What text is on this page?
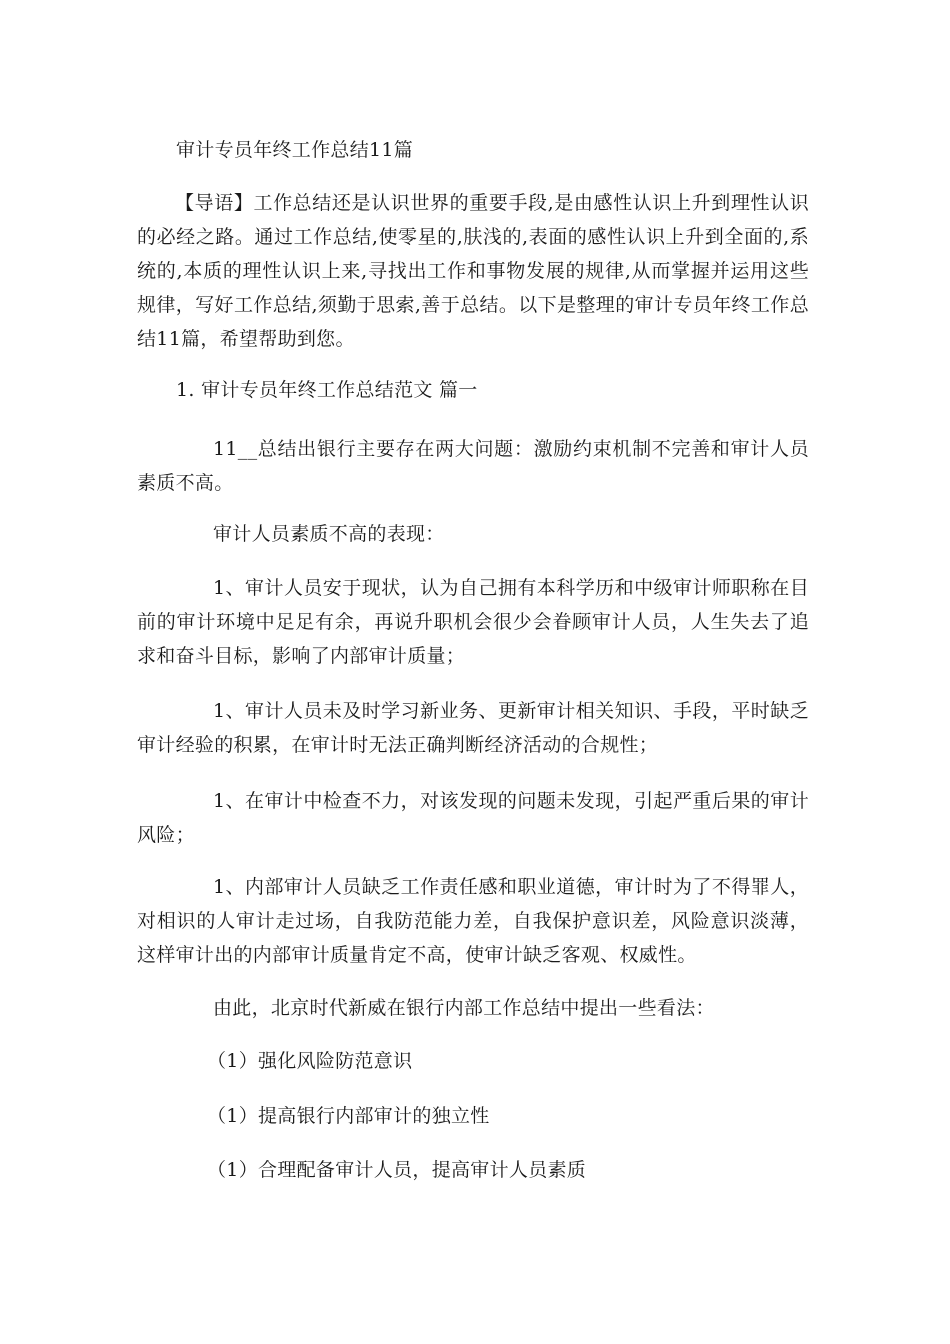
审计专员年终工作总结11篇
【导语】工作总结还是认识世界的重要手段,是由感性认识上升到理性认识的必经之路。通过工作总结,使零星的,肤浅的,表面的感性认识上升到全面的,系统的,本质的理性认识上来,寻找出工作和事物发展的规律,从而掌握并运用这些规律，写好工作总结,须勤于思索,善于总结。以下是整理的审计专员年终工作总结11篇，希望帮助到您。
1. 审计专员年终工作总结范文 篇一
11__总结出银行主要存在两大问题：激励约束机制不完善和审计人员素质不高。
审计人员素质不高的表现：
1、审计人员安于现状，认为自己拥有本科学历和中级审计师职称在目前的审计环境中足足有余，再说升职机会很少会眷顾审计人员，人生失去了追求和奋斗目标，影响了内部审计质量；
1、审计人员未及时学习新业务、更新审计相关知识、手段，平时缺乏审计经验的积累，在审计时无法正确判断经济活动的合规性；
1、在审计中检查不力，对该发现的问题未发现，引起严重后果的审计风险；
1、内部审计人员缺乏工作责任感和职业道德，审计时为了不得罪人，对相识的人审计走过场，自我防范能力差，自我保护意识差，风险意识淡薄，这样审计出的内部审计质量肯定不高，使审计缺乏客观、权威性。
由此，北京时代新威在银行内部工作总结中提出一些看法：
（1）强化风险防范意识
（1）提高银行内部审计的独立性
（1）合理配备审计人员，提高审计人员素质
